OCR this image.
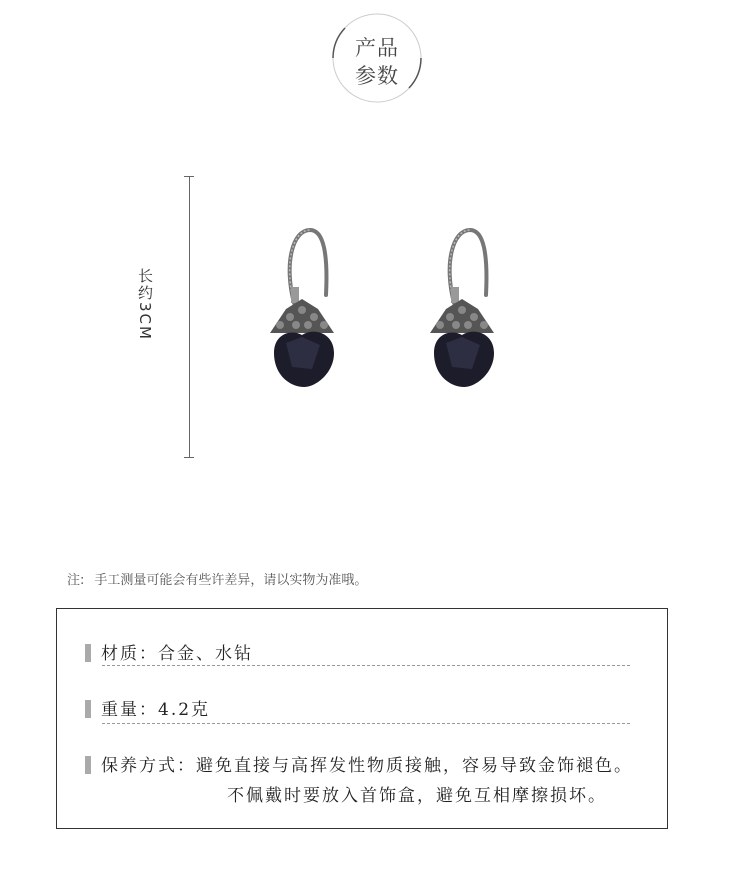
产品
参数
长约3CM
注: 手工测量可能会有些许差异，请以实物为准哦。
材质：合金、水钻
重量：4.2克
保养方式：避免直接与高挥发性物质接触，容易导致金饰褪色。
不佩戴时要放入首饰盒，避免互相摩擦损坏。
